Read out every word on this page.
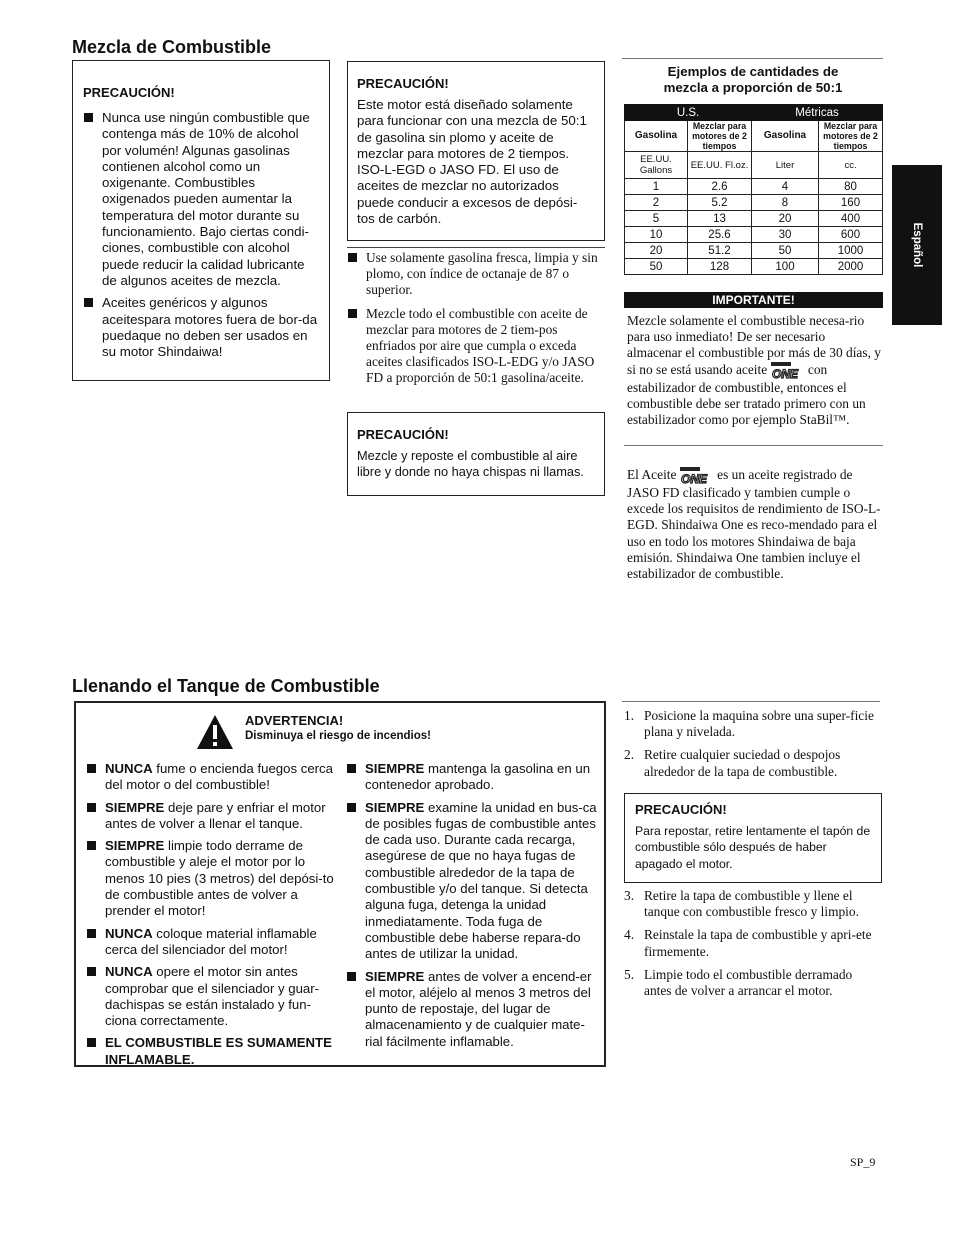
Mezcla de Combustible

PRECAUCIÓN!

Nunca use ningún combustible que contenga más de 10% de alcohol por volumén! Algunas gasolinas contienen alcohol como un oxigenante. Combustibles oxigenados pueden aumentar la temperatura del motor durante su funcionamiento. Bajo ciertas condi-ciones, combustible con alcohol puede reducir la calidad lubricante de algunos aceites de mezcla.
Aceites genéricos y algunos aceitespara motores fuera de bor-da puedaque no deben ser usados en su motor Shindaiwa!

PRECAUCIÓN!

Este motor está diseñado solamente para funcionar con una mezcla de 50:1 de gasolina sin plomo y aceite de mezclar para motores de 2 tiempos. ISO-L-EGD o JASO FD. El uso de aceites de mezclar no autorizados puede conducir a excesos de depósi-tos de carbón.
Use solamente gasolina fresca, limpia y sin plomo, con índice de octanaje de 87 o superior.
Mezcle todo el combustible con aceite de mezclar para motores de 2 tiem-pos enfriados por aire que cumpla o exceda aceites clasificados ISO-L-EDG y/o JASO FD a proporción de 50:1 gasolina/aceite.

PRECAUCIÓN!

Mezcle y reposte el combustible al aire libre y donde no haya chispas ni llamas.
Ejemplos de cantidades de
mezcla a proporción de 50:1
U.S.		Métricas	
Gasolina	Mezclar para motores de 2 tiempos	Gasolina	Mezclar para motores de 2 tiempos
EE.UU. Gallons	EE.UU. Fl.oz.	Liter	cc.
1	2.6	4	80
2	5.2	8	160
5	13	20	400
10	25.6	30	600
20	51.2	50	1000
50	128	100	2000
IMPORTANTE!
Mezcle solamente el combustible necesa-rio para uso inmediato! De ser necesario almacenar el combustible por más de 30 días, y si no se está usando aceite ONE con estabilizador de combustible, entonces el combustible debe ser tratado primero con un estabilizador como por ejemplo StaBil™.
El Aceite ONE es un aceite registrado de JASO FD clasificado y tambien cumple o excede los requisitos de rendimiento de ISO-L-EGD. Shindaiwa One es reco-mendado para el uso en todo los motores Shindaiwa de baja emisión. Shindaiwa One tambien incluye el estabilizador de combustible.
Español
Llenando el Tanque de Combustible
ADVERTENCIA!
Disminuya el riesgo de incendios!
NUNCA fume o encienda fuegos cerca del motor o del combustible!
SIEMPRE deje pare y enfriar el motor antes de volver a llenar el tanque.
SIEMPRE limpie todo derrame de combustible y aleje el motor por lo menos 10 pies (3 metros) del depósi-to de combustible antes de volver a prender el motor!
NUNCA coloque material inflamable cerca del silenciador del motor!
NUNCA opere el motor sin antes comprobar que el silenciador y guar-dachispas se están instalado y fun-ciona correctamente.
EL COMBUSTIBLE ES SUMAMENTE INFLAMABLE.
SIEMPRE mantenga la gasolina en un contenedor aprobado.
SIEMPRE examine la unidad en bus-ca de posibles fugas de combustible antes de cada uso. Durante cada recarga, asegúrese de que no haya fugas de combustible alrededor de la tapa de combustible y/o del tanque. Si detecta alguna fuga, detenga la unidad inmediatamente. Toda fuga de combustible debe haberse repara-do antes de utilizar la unidad.
SIEMPRE antes de volver a encend-er el motor, aléjelo al menos 3 metros del punto de repostaje, del lugar de almacenamiento y de cualquier mate-rial fácilmente inflamable.
1. Posicione la maquina sobre una super-ficie plana y nivelada.
2. Retire cualquier suciedad o despojos alrededor de la tapa de combustible.

PRECAUCIÓN!

Para repostar, retire lentamente el tapón de combustible sólo después de haber apagado el motor.
3. Retire la tapa de combustible y llene el tanque con combustible fresco y limpio.
4. Reinstale la tapa de combustible y apri-ete firmemente.
5. Limpie todo el combustible derramado antes de volver a arrancar el motor.
SP_9
